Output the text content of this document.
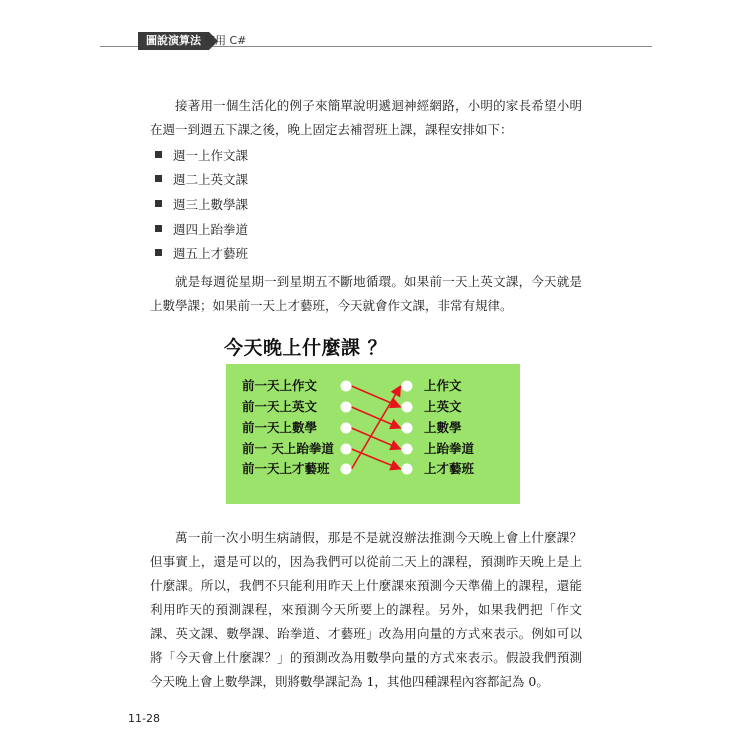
圖說演算法 使用 C#
接著用一個生活化的例子來簡單說明遞迴神經網路，小明的家長希望小明在週一到週五下課之後，晚上固定去補習班上課，課程安排如下：
週一上作文課
週二上英文課
週三上數學課
週四上跆拳道
週五上才藝班
就是每週從星期一到星期五不斷地循環。如果前一天上英文課，今天就是上數學課；如果前一天上才藝班，今天就會作文課，非常有規律。
今天晚上什麼課 ？
前一天上作文
前一天上英文
前一天上數學
前一 天上跆拳道
前一天上才藝班
上作文
上英文
上數學
上跆拳道
上才藝班
萬一前一次小明生病請假，那是不是就沒辦法推測今天晚上會上什麼課？但事實上，還是可以的，因為我們可以從前二天上的課程，預測昨天晚上是上什麼課。所以，我們不只能利用昨天上什麼課來預測今天準備上的課程，還能利用昨天的預測課程，來預測今天所要上的課程。另外，如果我們把「作文課、英文課、數學課、跆拳道、才藝班」改為用向量的方式來表示。例如可以將「今天會上什麼課？」的預測改為用數學向量的方式來表示。假設我們預測今天晚上會上數學課，則將數學課記為 1，其他四種課程內容都記為 0。
11-28
